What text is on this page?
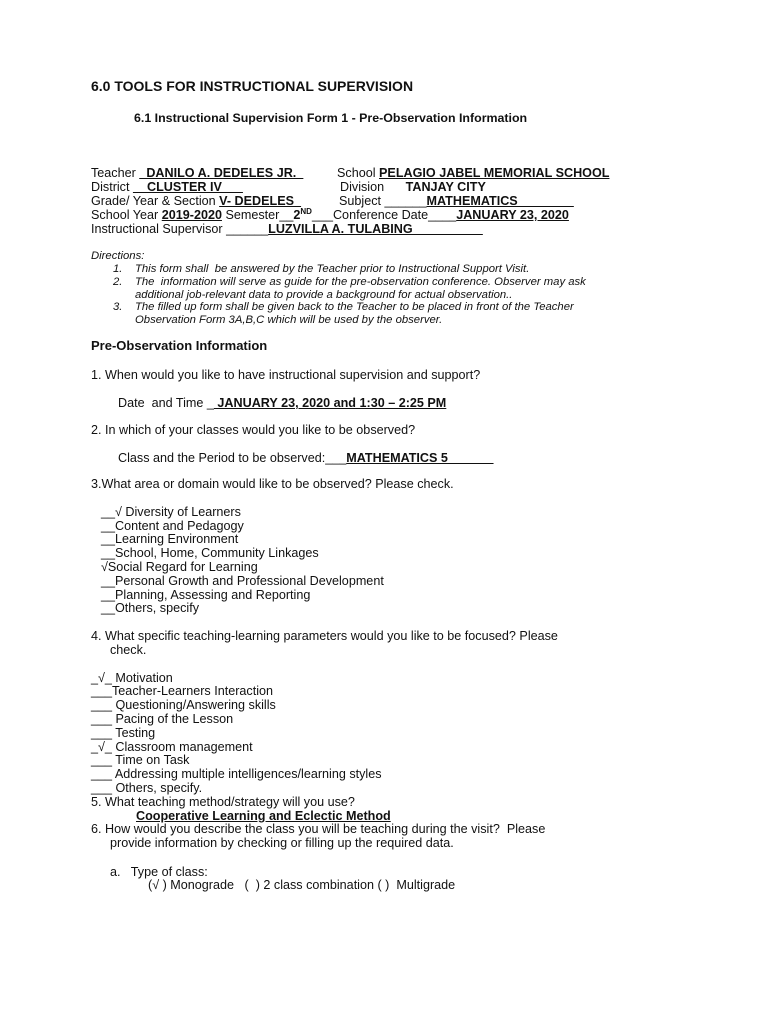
6.0 TOOLS FOR INSTRUCTIONAL SUPERVISION
6.1 Instructional Supervision Form 1 - Pre-Observation Information
Teacher _DANILO A. DEDELES JR._	School PELAGIO JABEL MEMORIAL SCHOOL
District __CLUSTER IV___	Division TANJAY CITY
Grade/ Year & Section V- DEDELES_	Subject ______MATHEMATICS________
School Year 2019-2020 Semester__2ND___Conference Date____JANUARY 23, 2020
Instructional Supervisor ______LUZVILLA A. TULABING__________
Directions:
1. This form shall  be answered by the Teacher prior to Instructional Support Visit.
2. The  information will serve as guide for the pre-observation conference. Observer may ask
additional job-relevant data to provide a background for actual observation..
3. The filled up form shall be given back to the Teacher to be placed in front of the Teacher
Observation Form 3A,B,C which will be used by the observer.
Pre-Observation Information
1. When would you like to have instructional supervision and support?
Date  and Time _ JANUARY 23, 2020 and 1:30 – 2:25 PM
2. In which of your classes would you like to be observed?
Class and the Period to be observed:___MATHEMATICS 5 ______
3.What area or domain would like to be observed? Please check.
__√ Diversity of Learners
__Content and Pedagogy
__Learning Environment
__School, Home, Community Linkages
√Social Regard for Learning
__Personal Growth and Professional Development
__Planning, Assessing and Reporting
__Others, specify
4. What specific teaching-learning parameters would you like to be focused? Please
check.
_√_ Motivation
___Teacher-Learners Interaction
___ Questioning/Answering skills
___ Pacing of the Lesson
___ Testing
_√_ Classroom management
___ Time on Task
___ Addressing multiple intelligences/learning styles
___ Others, specify.
5. What teaching method/strategy will you use?
Cooperative Learning and Eclectic Method
6. How would you describe the class you will be teaching during the visit?  Please
provide information by checking or filling up the required data.
a.   Type of class:
(√ ) Monograde   (  ) 2 class combination ( )  Multigrade
